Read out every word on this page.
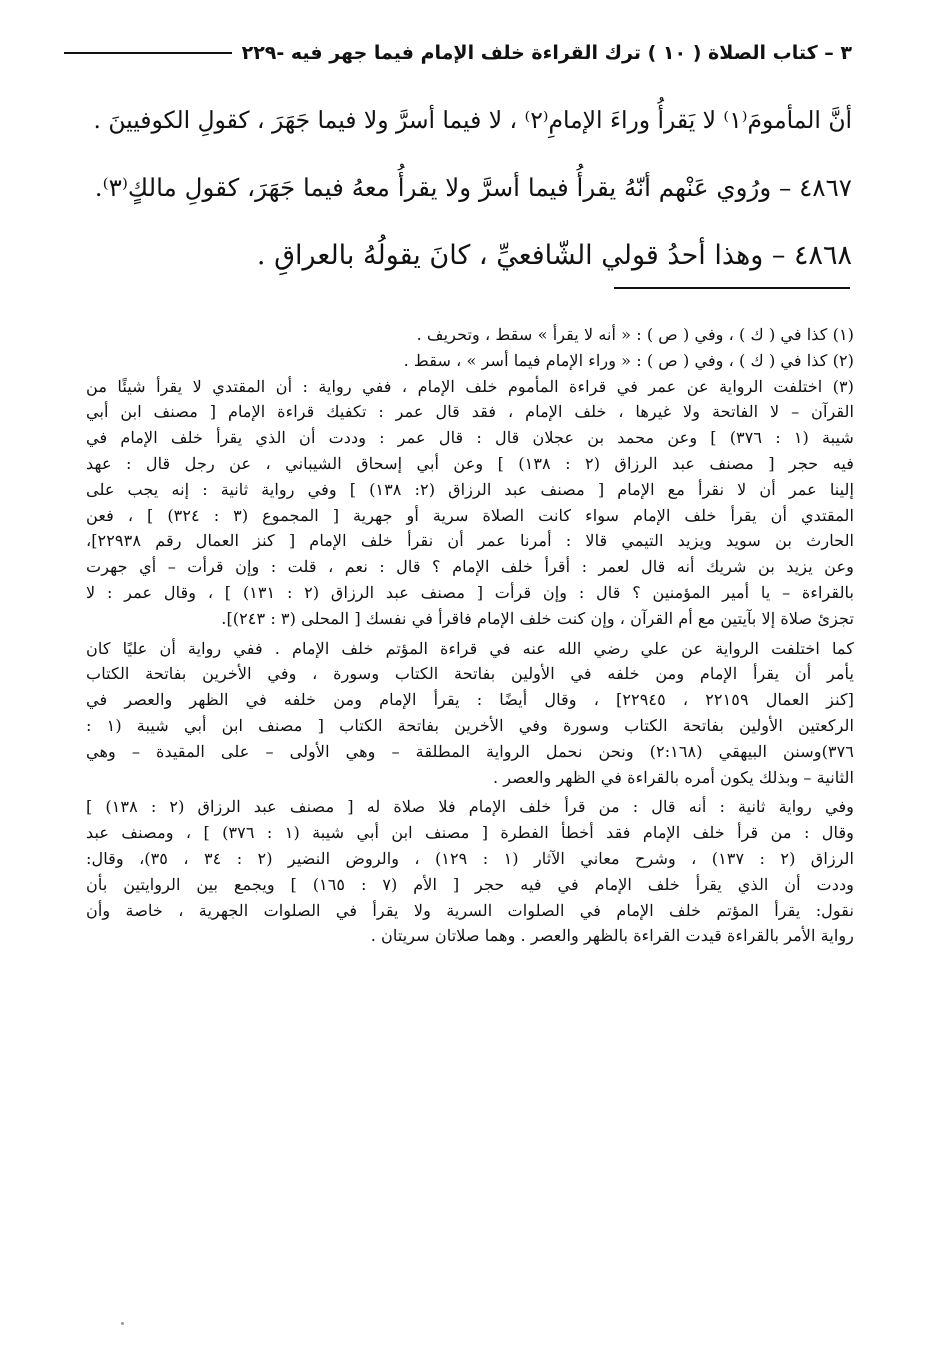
٣ – كتاب الصلاة ( ١٠ ) ترك القراءة خلف الإمام فيما جهر فيه -٢٢٩
أنَّ المأمومَ⁽١⁾ لا يَقرأُ وراءَ الإمامِ⁽٢⁾ ، لا فيما أسرَّ ولا فيما جَهَرَ ، كقولِ الكوفيينَ .
٤٨٦٧ – ورُوي عَنْهم أنّهُ يقرأُ فيما أسرَّ ولا يقرأُ معهُ فيما جَهَرَ، كقولِ مالكٍ⁽٣⁾.
٤٨٦٨ – وهذا أحدُ قولي الشّافعيِّ ، كانَ يقولُهُ بالعراقِ .
(١) كذا في ( ك ) ، وفي ( ص ) : « أنه لا يقرأ » سقط ، وتحريف .
(٢) كذا في ( ك ) ، وفي ( ص ) : « وراء الإمام فيما أسر » ، سقط .
(٣) اختلفت الرواية عن عمر في قراءة المأموم خلف الإمام ، ففي رواية : أن المقتدي لا يقرأ شيئًا من
القرآن – لا الفاتحة ولا غيرها ، خلف الإمام ، فقد قال عمر : تكفيك قراءة الإمام [ مصنف ابن أبي
شيبة (١ : ٣٧٦) ] وعن محمد بن عجلان قال : قال عمر : وددت أن الذي يقرأ خلف الإمام في
فيه حجر [ مصنف عبد الرزاق (٢ : ١٣٨) ] وعن أبي إسحاق الشيباني ، عن رجل قال : عهد
إلينا عمر أن لا نقرأ مع الإمام [ مصنف عبد الرزاق (٢: ١٣٨) ] وفي رواية ثانية : إنه يجب على
المقتدي أن يقرأ خلف الإمام سواء كانت الصلاة سرية أو جهرية [ المجموع (٣ : ٣٢٤) ] ، فعن
الحارث بن سويد ويزيد التيمي قالا : أمرنا عمر أن نقرأ خلف الإمام [ كنز العمال رقم ٢٢٩٣٨]،
وعن يزيد بن شريك أنه قال لعمر : أقرأ خلف الإمام ؟ قال : نعم ، قلت : وإن قرأت – أي جهرت
بالقراءة – يا أمير المؤمنين ؟ قال : وإن قرأت [ مصنف عبد الرزاق (٢ : ١٣١) ] ، وقال عمر : لا
تجزئ صلاة إلا بآيتين مع أم القرآن ، وإن كنت خلف الإمام فاقرأ في نفسك [ المحلى (٣ : ٢٤٣)].
كما اختلفت الرواية عن علي رضي الله عنه في قراءة المؤتم خلف الإمام . ففي رواية أن عليًا كان
يأمر أن يقرأ الإمام ومن خلفه في الأولين بفاتحة الكتاب وسورة ، وفي الأخرين بفاتحة الكتاب
[كنز العمال ٢٢١٥٩ ، ٢٢٩٤٥] ، وقال أيضًا : يقرأ الإمام ومن خلفه في الظهر والعصر في
الركعتين الأولين بفاتحة الكتاب وسورة وفي الأخرين بفاتحة الكتاب [ مصنف ابن أبي شيبة (١ :
٣٧٦)وسنن البيهقي (٢:١٦٨) ونحن نحمل الرواية المطلقة – وهي الأولى – على المقيدة – وهي
الثانية – وبذلك يكون أمره بالقراءة في الظهر والعصر .
وفي رواية ثانية : أنه قال : من قرأ خلف الإمام فلا صلاة له [ مصنف عبد الرزاق (٢ : ١٣٨) ]
وقال : من قرأ خلف الإمام فقد أخطأ الفطرة [ مصنف ابن أبي شيبة (١ : ٣٧٦) ] ، ومصنف عبد
الرزاق (٢ : ١٣٧) ، وشرح معاني الآثار (١ : ١٢٩) ، والروض النضير (٢ : ٣٤ ، ٣٥)، وقال:
وددت أن الذي يقرأ خلف الإمام في فيه حجر [ الأم (٧ : ١٦٥) ] ويجمع بين الروايتين بأن
نقول: يقرأ المؤتم خلف الإمام في الصلوات السرية ولا يقرأ في الصلوات الجهرية ، خاصة وأن
رواية الأمر بالقراءة قيدت القراءة بالظهر والعصر . وهما صلاتان سريتان .
